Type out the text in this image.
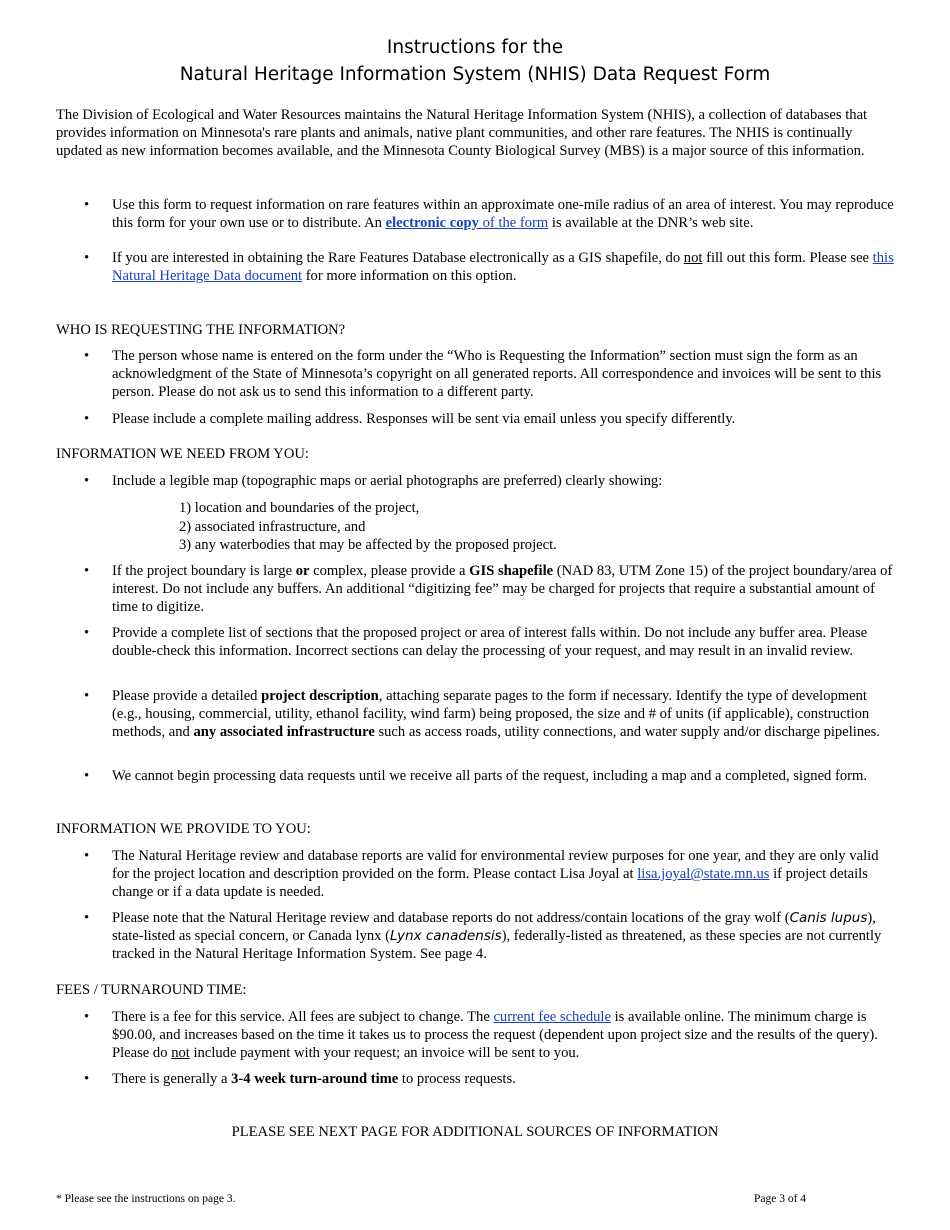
Instructions for the
Natural Heritage Information System (NHIS) Data Request Form
The Division of Ecological and Water Resources maintains the Natural Heritage Information System (NHIS), a collection of databases that provides information on Minnesota's rare plants and animals, native plant communities, and other rare features. The NHIS is continually updated as new information becomes available, and the Minnesota County Biological Survey (MBS) is a major source of this information.
•	Use this form to request information on rare features within an approximate one-mile radius of an area of interest. You may reproduce this form for your own use or to distribute. An electronic copy of the form is available at the DNR’s web site.
•	If you are interested in obtaining the Rare Features Database electronically as a GIS shapefile, do not fill out this form. Please see this Natural Heritage Data document for more information on this option.
WHO IS REQUESTING THE INFORMATION?
•	The person whose name is entered on the form under the “Who is Requesting the Information” section must sign the form as an acknowledgment of the State of Minnesota’s copyright on all generated reports. All correspondence and invoices will be sent to this person. Please do not ask us to send this information to a different party.
•	Please include a complete mailing address. Responses will be sent via email unless you specify differently.
INFORMATION WE NEED FROM YOU:
•	Include a legible map (topographic maps or aerial photographs are preferred) clearly showing:
1) location and boundaries of the project,
2) associated infrastructure, and
3) any waterbodies that may be affected by the proposed project.
•	If the project boundary is large or complex, please provide a GIS shapefile (NAD 83, UTM Zone 15) of the project boundary/area of interest. Do not include any buffers. An additional “digitizing fee” may be charged for projects that require a substantial amount of time to digitize.
•	Provide a complete list of sections that the proposed project or area of interest falls within. Do not include any buffer area. Please double-check this information. Incorrect sections can delay the processing of your request, and may result in an invalid review.
•	Please provide a detailed project description, attaching separate pages to the form if necessary. Identify the type of development (e.g., housing, commercial, utility, ethanol facility, wind farm) being proposed, the size and # of units (if applicable), construction methods, and any associated infrastructure such as access roads, utility connections, and water supply and/or discharge pipelines.
•	We cannot begin processing data requests until we receive all parts of the request, including a map and a completed, signed form.
INFORMATION WE PROVIDE TO YOU:
•	The Natural Heritage review and database reports are valid for environmental review purposes for one year, and they are only valid for the project location and description provided on the form. Please contact Lisa Joyal at lisa.joyal@state.mn.us if project details change or if a data update is needed.
•	Please note that the Natural Heritage review and database reports do not address/contain locations of the gray wolf (Canis lupus), state-listed as special concern, or Canada lynx (Lynx canadensis), federally-listed as threatened, as these species are not currently tracked in the Natural Heritage Information System. See page 4.
FEES / TURNAROUND TIME:
•	There is a fee for this service. All fees are subject to change. The current fee schedule is available online. The minimum charge is $90.00, and increases based on the time it takes us to process the request (dependent upon project size and the results of the query). Please do not include payment with your request; an invoice will be sent to you.
•	There is generally a 3-4 week turn-around time to process requests.
PLEASE SEE NEXT PAGE FOR ADDITIONAL SOURCES OF INFORMATION
* Please see the instructions on page 3.	Page 3 of 4
